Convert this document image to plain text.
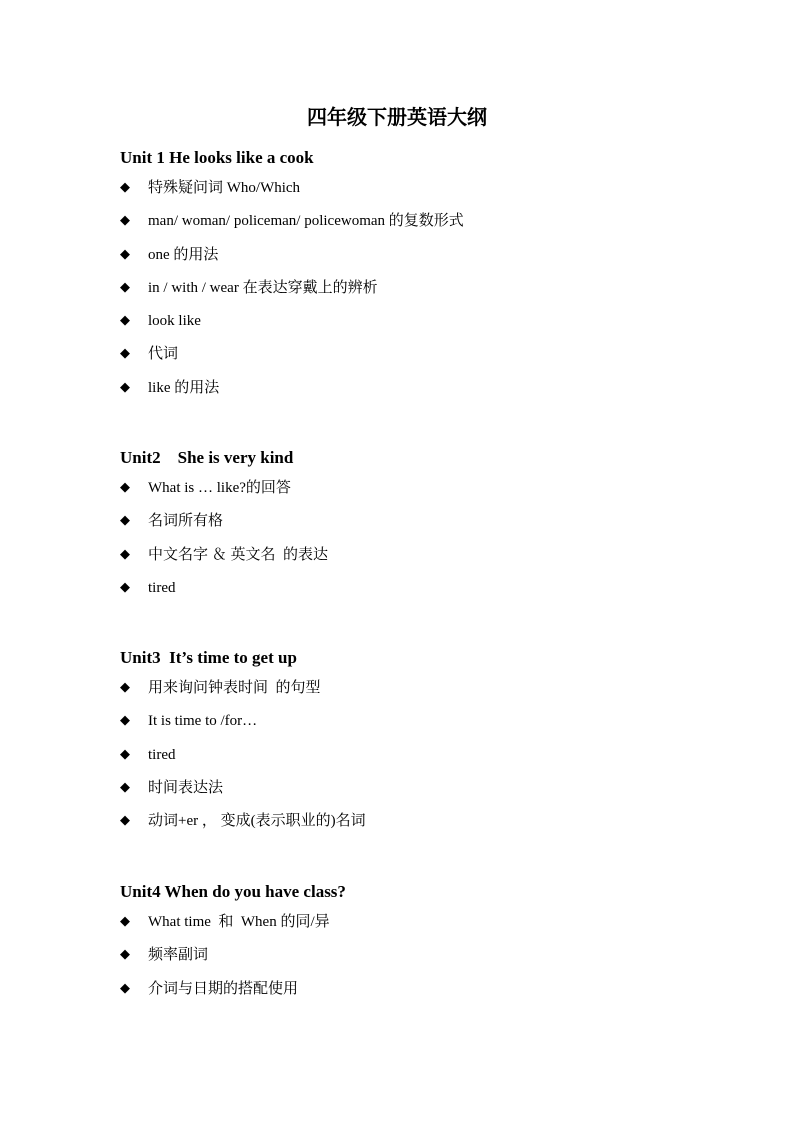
四年级下册英语大纲
Unit 1 He looks like a cook
◆	特殊疑问词 Who/Which
◆	man/ woman/ policeman/ policewoman 的复数形式
◆	one 的用法
◆	in / with / wear 在表达穿戴上的辨析
◆	look like
◆	代词
◆	like 的用法
Unit2    She is very kind
◆	What is … like?的回答
◆	名词所有格
◆	中文名字 ＆ 英文名  的表达
◆	tired
Unit3  It’s time to get up
◆	用来询问钟表时间  的句型
◆	It is time to /for…
◆	tired
◆	时间表达法
◆	动词+er ， 变成(表示职业的)名词
Unit4 When do you have class?
◆	What time  和  When 的同/异
◆	频率副词
◆	介词与日期的搭配使用
